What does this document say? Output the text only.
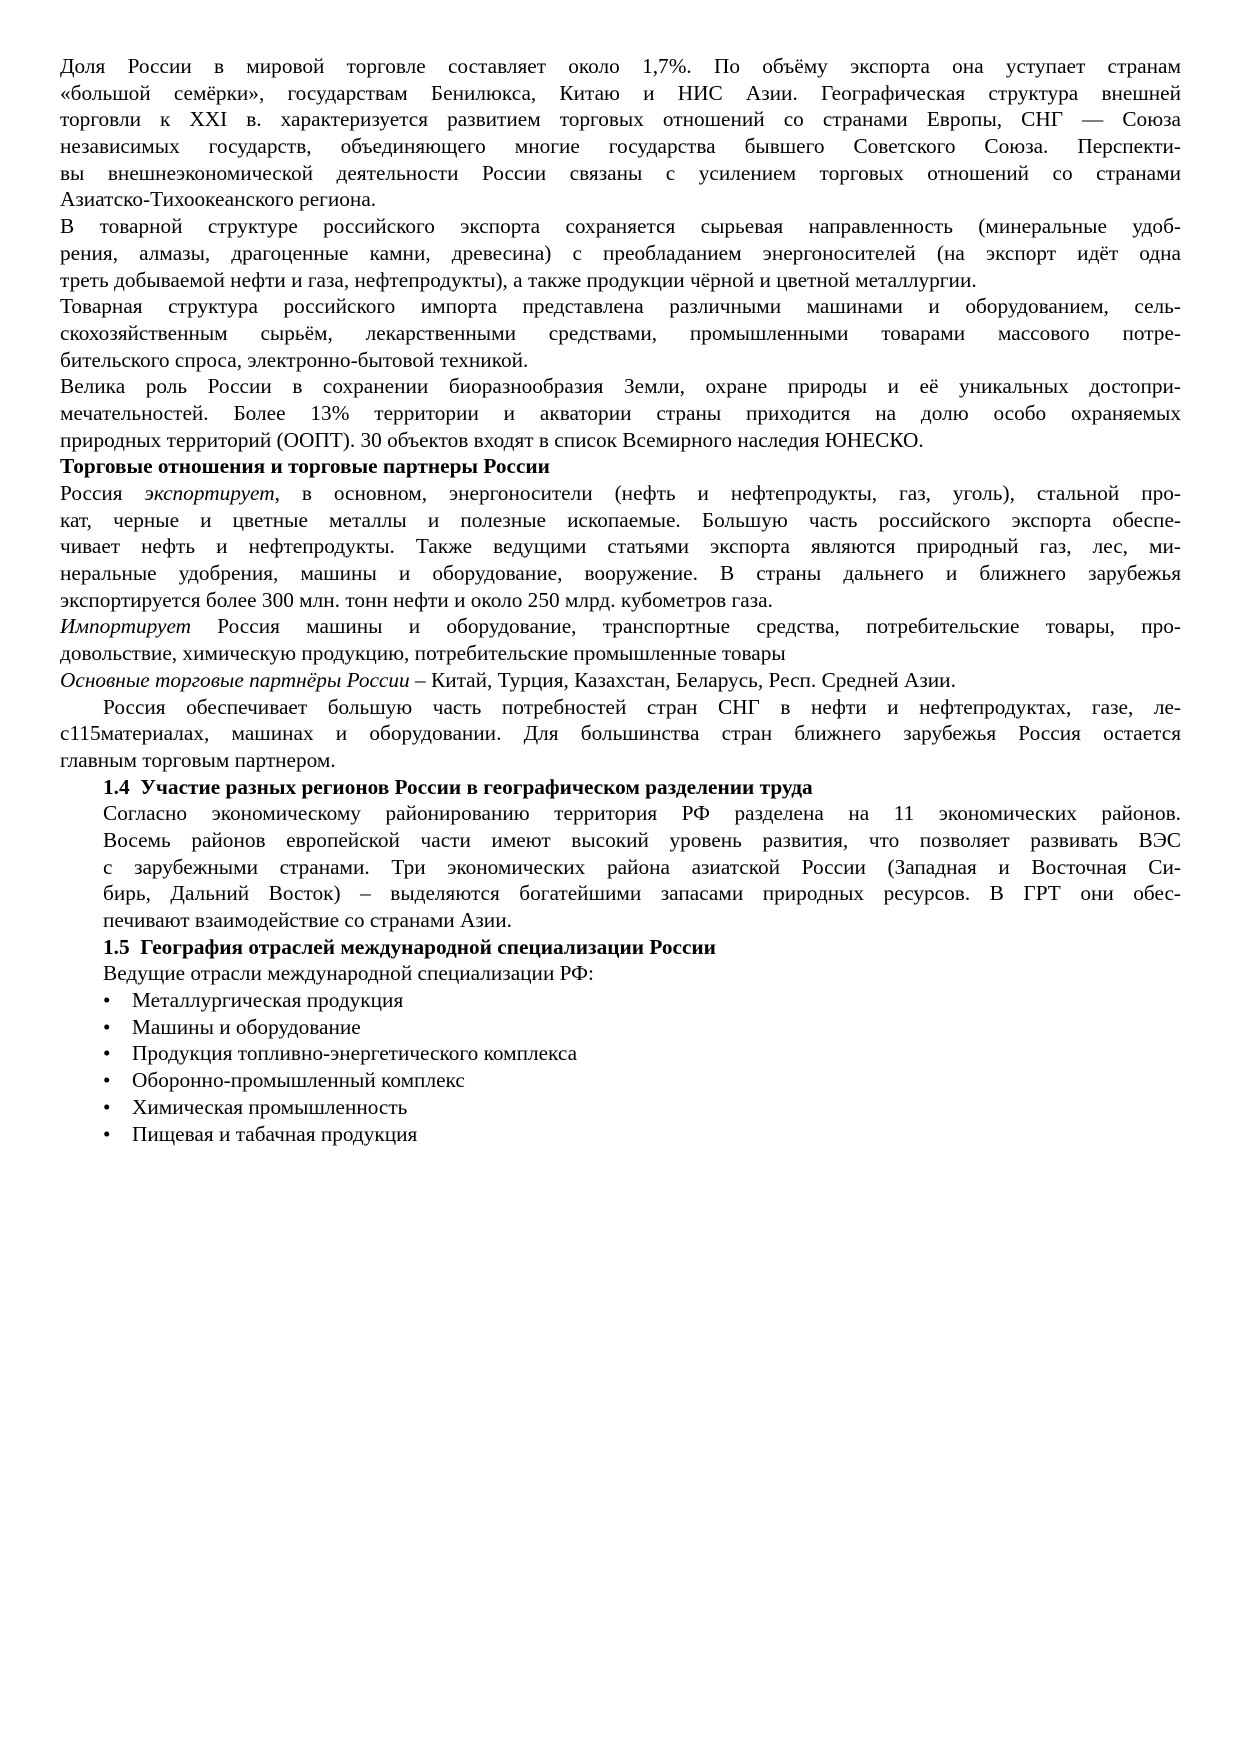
Доля России в мировой торговле составляет около 1,7%. По объёму экспорта она уступает странам
«большой семёрки», государствам Бенилюкса, Китаю и НИС Азии. Географическая структура внешней
торговли к XXI в. характеризуется развитием торговых отношений со странами Европы, СНГ — Союза
независимых государств, объединяющего многие государства бывшего Советского Союза. Перспекти-
вы внешнеэкономической деятельности России связаны с усилением торговых отношений со странами
Азиатско-Тихоокеанского региона.
В товарной структуре российского экспорта сохраняется сырьевая направленность (минеральные удоб-
рения, алмазы, драгоценные камни, древесина) с преобладанием энергоносителей (на экспорт идёт одна
треть добываемой нефти и газа, нефтепродукты), а также продукции чёрной и цветной металлургии.
Товарная структура российского импорта представлена различными машинами и оборудованием, сель-
скохозяйственным сырьём, лекарственными средствами, промышленными товарами массового потре-
бительского спроса, электронно-бытовой техникой.
Велика роль России в сохранении биоразнообразия Земли, охране природы и её уникальных достопри-
мечательностей. Более 13% территории и акватории страны приходится на долю особо охраняемых
природных территорий (ООПТ). 30 объектов входят в список Всемирного наследия ЮНЕСКО.
Торговые отношения и торговые партнеры России
Россия экспортирует, в основном, энергоносители (нефть и нефтепродукты, газ, уголь), стальной про-
кат, черные и цветные металлы и полезные ископаемые. Большую часть российского экспорта обеспе-
чивает нефть и нефтепродукты. Также ведущими статьями экспорта являются природный газ, лес, ми-
неральные удобрения, машины и оборудование, вооружение. В страны дальнего и ближнего зарубежья
экспортируется более 300 млн. тонн нефти и около 250 млрд. кубометров газа.
Импортирует Россия машины и оборудование, транспортные средства, потребительские товары, про-
довольствие, химическую продукцию, потребительские промышленные товары
Основные торговые партнёры России – Китай, Турция, Казахстан, Беларусь, Респ. Средней Азии.
Россия обеспечивает большую часть потребностей стран СНГ в нефти и нефтепродуктах, газе, ле-
с115материалах, машинах и оборудовании. Для большинства стран ближнего зарубежья Россия остается
главным торговым партнером.
1.4 Участие разных регионов России в географическом разделении труда
Согласно экономическому районированию территория РФ разделена на 11 экономических районов.
Восемь районов европейской части имеют высокий уровень развития, что позволяет развивать ВЭС
с зарубежными странами. Три экономических района азиатской России (Западная и Восточная Си-
бирь, Дальний Восток) – выделяются богатейшими запасами природных ресурсов. В ГРТ они обес-
печивают взаимодействие со странами Азии.
1.5 География отраслей международной специализации России
Ведущие отрасли международной специализации РФ:
• Металлургическая продукция
• Машины и оборудование
• Продукция топливно-энергетического комплекса
• Оборонно-промышленный комплекс
• Химическая промышленность
• Пищевая и табачная продукция
